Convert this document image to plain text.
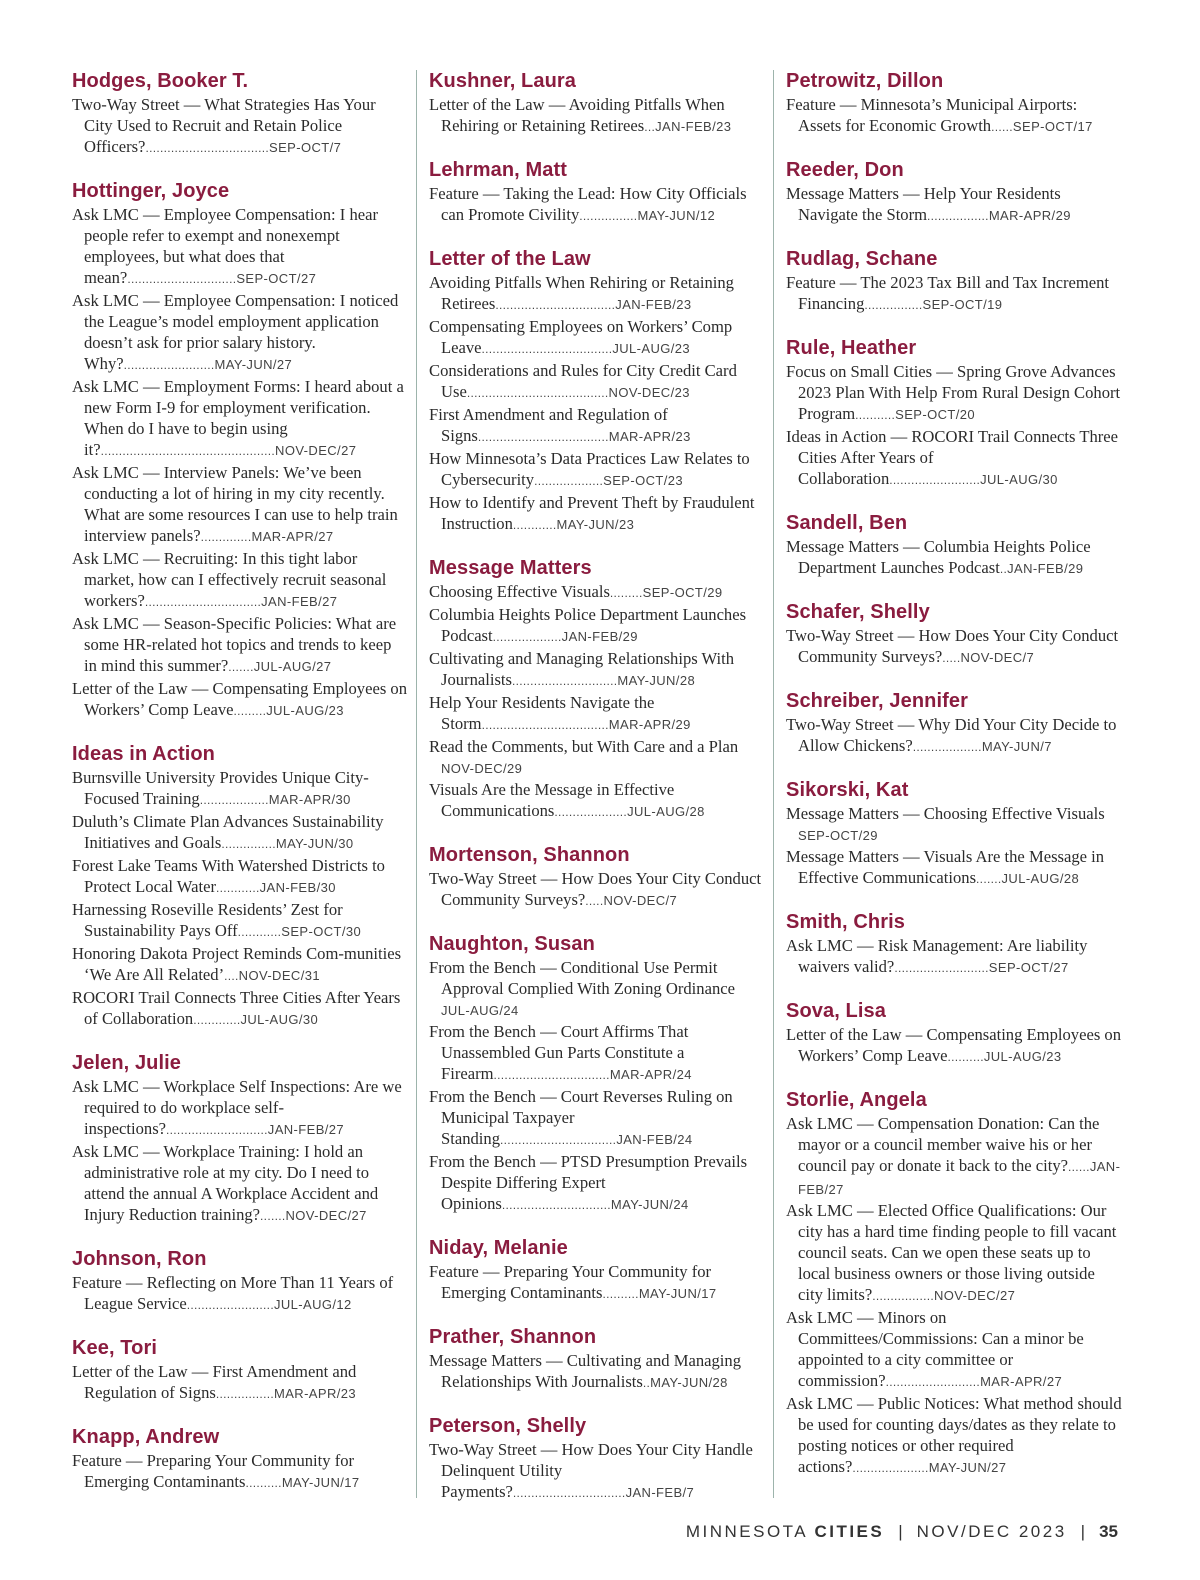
Hodges, Booker T.
Two-Way Street — What Strategies Has Your City Used to Recruit and Retain Police Officers?..................................SEP-OCT/7
Hottinger, Joyce
Ask LMC — Employee Compensation: I hear people refer to exempt and nonexempt employees, but what does that mean?..............................SEP-OCT/27
Ask LMC — Employee Compensation: I noticed the League’s model employment application doesn’t ask for prior salary history. Why?.........................MAY-JUN/27
Ask LMC — Employment Forms: I heard about a new Form I-9 for employment verification. When do I have to begin using it?................................................NOV-DEC/27
Ask LMC — Interview Panels: We’ve been conducting a lot of hiring in my city recently. What are some resources I can use to help train interview panels?..............MAR-APR/27
Ask LMC — Recruiting: In this tight labor market, how can I effectively recruit seasonal workers?................................JAN-FEB/27
Ask LMC — Season-Specific Policies: What are some HR-related hot topics and trends to keep in mind this summer?.......JUL-AUG/27
Letter of the Law — Compensating Employees on Workers’ Comp Leave.........JUL-AUG/23
Ideas in Action
Burnsville University Provides Unique City-Focused Training...................MAR-APR/30
Duluth’s Climate Plan Advances Sustainability Initiatives and Goals...............MAY-JUN/30
Forest Lake Teams With Watershed Districts to Protect Local Water............JAN-FEB/30
Harnessing Roseville Residents’ Zest for Sustainability Pays Off............SEP-OCT/30
Honoring Dakota Project Reminds Com-munities ‘We Are All Related’....NOV-DEC/31
ROCORI Trail Connects Three Cities After Years of Collaboration.............JUL-AUG/30
Jelen, Julie
Ask LMC — Workplace Self Inspections: Are we required to do workplace self-inspections?............................JAN-FEB/27
Ask LMC — Workplace Training: I hold an administrative role at my city. Do I need to attend the annual A Workplace Accident and Injury Reduction training?.......NOV-DEC/27
Johnson, Ron
Feature — Reflecting on More Than 11 Years of League Service........................JUL-AUG/12
Kee, Tori
Letter of the Law — First Amendment and Regulation of Signs................MAR-APR/23
Knapp, Andrew
Feature — Preparing Your Community for Emerging Contaminants..........MAY-JUN/17
Kushner, Laura
Letter of the Law — Avoiding Pitfalls When Rehiring or Retaining Retirees...JAN-FEB/23
Lehrman, Matt
Feature — Taking the Lead: How City Officials can Promote Civility................MAY-JUN/12
Letter of the Law
Avoiding Pitfalls When Rehiring or Retaining Retirees.................................JAN-FEB/23
Compensating Employees on Workers’ Comp Leave....................................JUL-AUG/23
Considerations and Rules for City Credit Card Use.......................................NOV-DEC/23
First Amendment and Regulation of Signs....................................MAR-APR/23
How Minnesota’s Data Practices Law Relates to Cybersecurity...................SEP-OCT/23
How to Identify and Prevent Theft by Fraudulent Instruction............MAY-JUN/23
Message Matters
Choosing Effective Visuals.........SEP-OCT/29
Columbia Heights Police Department Launches Podcast...................JAN-FEB/29
Cultivating and Managing Relationships With Journalists.............................MAY-JUN/28
Help Your Residents Navigate the Storm...................................MAR-APR/29
Read the Comments, but With Care and a Plan NOV-DEC/29
Visuals Are the Message in Effective Communications....................JUL-AUG/28
Mortenson, Shannon
Two-Way Street — How Does Your City Conduct Community Surveys?.....NOV-DEC/7
Naughton, Susan
From the Bench — Conditional Use Permit Approval Complied With Zoning Ordinance JUL-AUG/24
From the Bench — Court Affirms That Unassembled Gun Parts Constitute a Firearm................................MAR-APR/24
From the Bench — Court Reverses Ruling on Municipal Taxpayer Standing................................JAN-FEB/24
From the Bench — PTSD Presumption Prevails Despite Differing Expert Opinions..............................MAY-JUN/24
Niday, Melanie
Feature — Preparing Your Community for Emerging Contaminants..........MAY-JUN/17
Prather, Shannon
Message Matters — Cultivating and Managing Relationships With Journalists..MAY-JUN/28
Peterson, Shelly
Two-Way Street — How Does Your City Handle Delinquent Utility Payments?...............................JAN-FEB/7
Petrowitz, Dillon
Feature — Minnesota’s Municipal Airports: Assets for Economic Growth......SEP-OCT/17
Reeder, Don
Message Matters — Help Your Residents Navigate the Storm.................MAR-APR/29
Rudlag, Schane
Feature — The 2023 Tax Bill and Tax Increment Financing................SEP-OCT/19
Rule, Heather
Focus on Small Cities — Spring Grove Advances 2023 Plan With Help From Rural Design Cohort Program...........SEP-OCT/20
Ideas in Action — ROCORI Trail Connects Three Cities After Years of Collaboration.........................JUL-AUG/30
Sandell, Ben
Message Matters — Columbia Heights Police Department Launches Podcast..JAN-FEB/29
Schafer, Shelly
Two-Way Street — How Does Your City Conduct Community Surveys?.....NOV-DEC/7
Schreiber, Jennifer
Two-Way Street — Why Did Your City Decide to Allow Chickens?...................MAY-JUN/7
Sikorski, Kat
Message Matters — Choosing Effective Visuals SEP-OCT/29
Message Matters — Visuals Are the Message in Effective Communications.......JUL-AUG/28
Smith, Chris
Ask LMC — Risk Management: Are liability waivers valid?..........................SEP-OCT/27
Sova, Lisa
Letter of the Law — Compensating Employees on Workers’ Comp Leave..........JUL-AUG/23
Storlie, Angela
Ask LMC — Compensation Donation: Can the mayor or a council member waive his or her council pay or donate it back to the city?......JAN-FEB/27
Ask LMC — Elected Office Qualifications: Our city has a hard time finding people to fill vacant council seats. Can we open these seats up to local business owners or those living outside city limits?.................NOV-DEC/27
Ask LMC — Minors on Committees/Commissions: Can a minor be appointed to a city committee or commission?..........................MAR-APR/27
Ask LMC — Public Notices: What method should be used for counting days/dates as they relate to posting notices or other required actions?.....................MAY-JUN/27
MINNESOTA CITIES | NOV/DEC 2023 | 35
